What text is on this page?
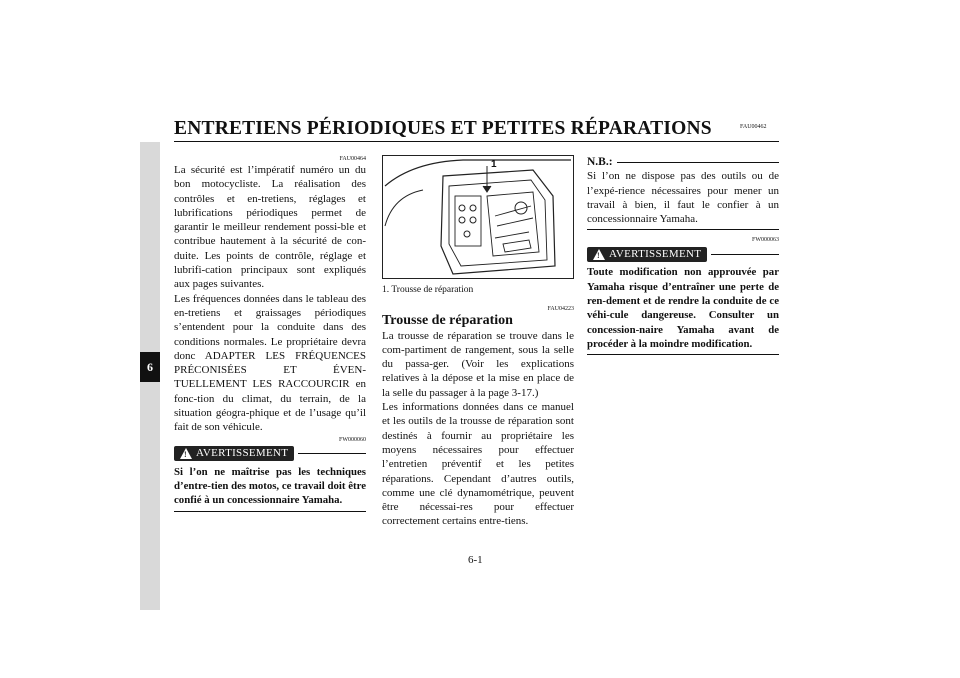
ENTRETIENS PÉRIODIQUES ET PETITES RÉPARATIONS	FAU00462
6
FAU00464

La sécurité est l’impératif numéro un du bon motocycliste. La réalisation des contrôles et en-tretiens, réglages et lubrifications périodiques permet de garantir le meilleur rendement possi-ble et contribue hautement à la sécurité de con-duite. Les points de contrôle, réglage et lubrifi-cation principaux sont expliqués aux pages suivantes.

Les fréquences données dans le tableau des en-tretiens et graissages périodiques s’entendent pour la conduite dans des conditions normales. Le propriétaire devra donc ADAPTER LES FRÉQUENCES PRÉCONISÉES ET ÉVEN-TUELLEMENT LES RACCOURCIR en fonc-tion du climat, du terrain, de la situation géogra-phique et de l’usage qu’il fait de son véhicule.

FW000060
! AVERTISSEMENT
Si l’on ne maîtrise pas les techniques d’entre-tien des motos, ce travail doit être confié à un concessionnaire Yamaha.
1
1. Trousse de réparation
FAU04223
Trousse de réparation

La trousse de réparation se trouve dans le com-partiment de rangement, sous la selle du passa-ger. (Voir les explications relatives à la dépose et la mise en place de la selle du passager à la page 3-17.)

Les informations données dans ce manuel et les outils de la trousse de réparation sont destinés à fournir au propriétaire les moyens nécessaires pour effectuer l’entretien préventif et les petites réparations. Cependant d’autres outils, comme une clé dynamométrique, peuvent être nécessai-res pour effectuer correctement certains entre-tiens.

N.B.:

Si l’on ne dispose pas des outils ou de l’expé-rience nécessaires pour mener un travail à bien, il faut le confier à un concessionnaire Yamaha.

FW000063
! AVERTISSEMENT
Toute modification non approuvée par Yamaha risque d’entraîner une perte de ren-dement et de rendre la conduite de ce véhi-cule dangereuse. Consulter un concession-naire Yamaha avant de procéder à la moindre modification.
6-1
